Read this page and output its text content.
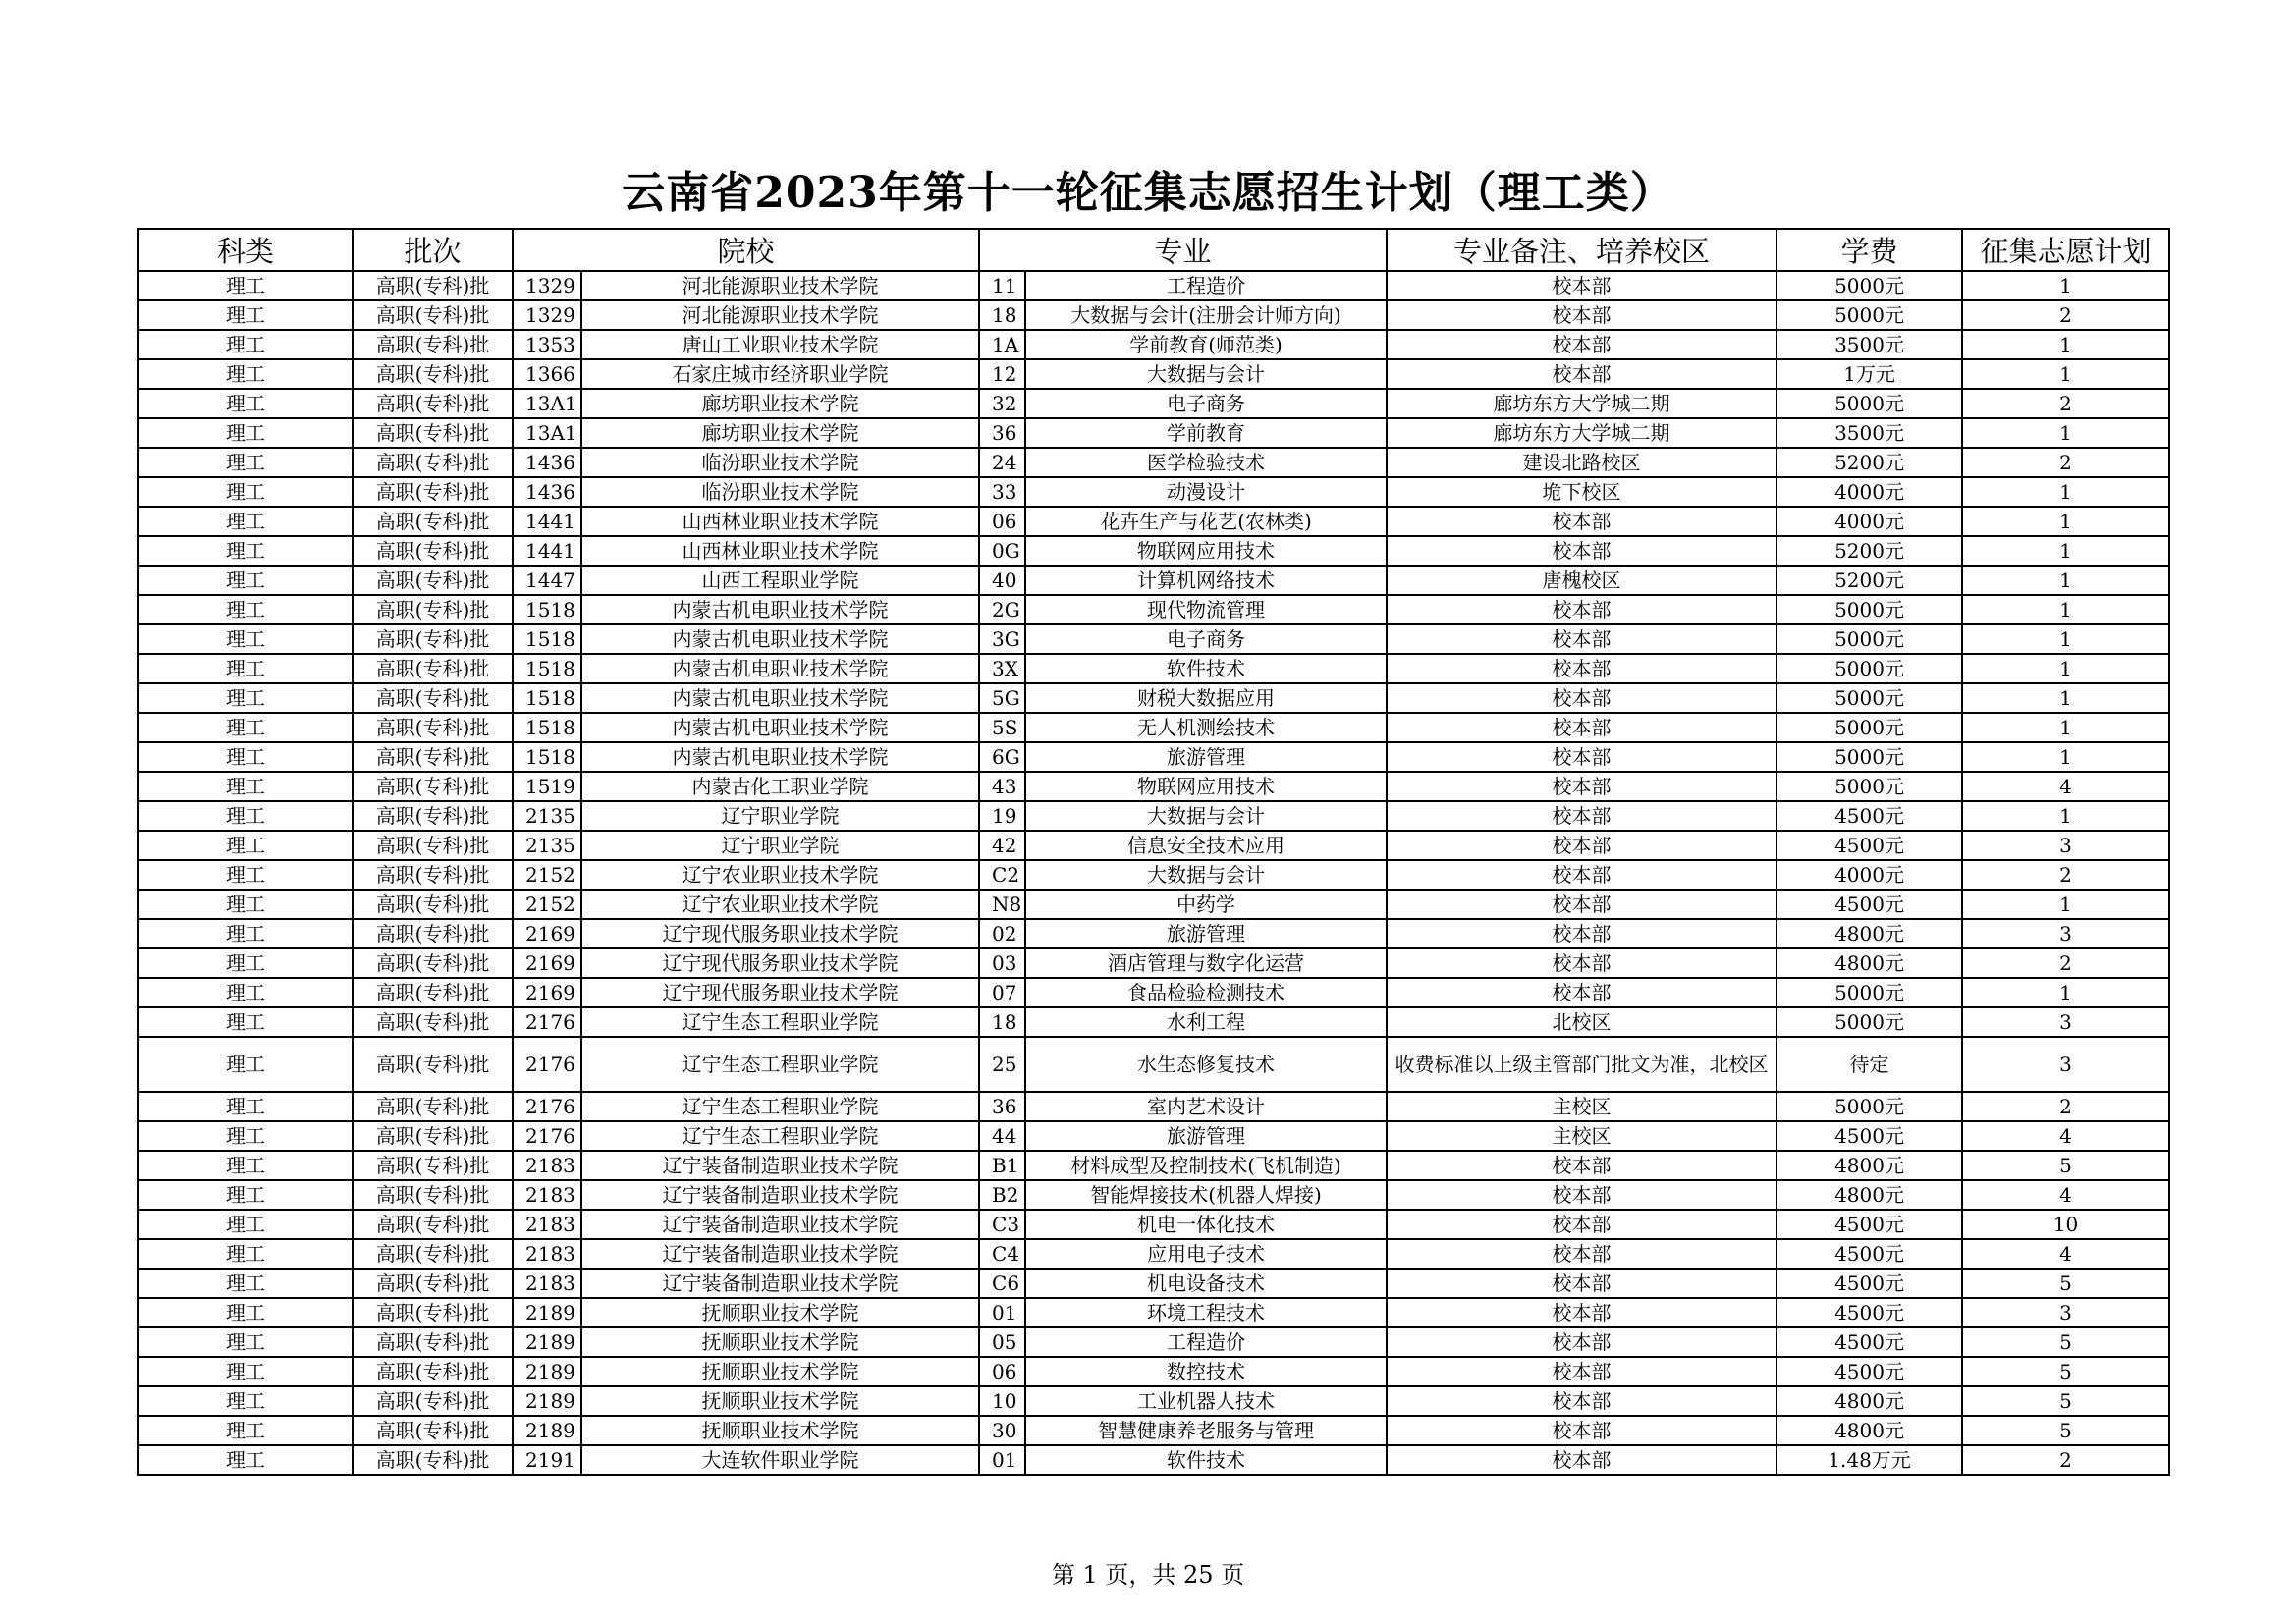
云南省2023年第十一轮征集志愿招生计划（理工类）
科类	批次	院校		专业		专业备注、培养校区	学费	征集志愿计划
理工	高职(专科)批	1329	河北能源职业技术学院	11	工程造价	校本部	5000元	1
理工	高职(专科)批	1329	河北能源职业技术学院	18	大数据与会计(注册会计师方向)	校本部	5000元	2
理工	高职(专科)批	1353	唐山工业职业技术学院	1A	学前教育(师范类)	校本部	3500元	1
理工	高职(专科)批	1366	石家庄城市经济职业学院	12	大数据与会计	校本部	1万元	1
理工	高职(专科)批	13A1	廊坊职业技术学院	32	电子商务	廊坊东方大学城二期	5000元	2
理工	高职(专科)批	13A1	廊坊职业技术学院	36	学前教育	廊坊东方大学城二期	3500元	1
理工	高职(专科)批	1436	临汾职业技术学院	24	医学检验技术	建设北路校区	5200元	2
理工	高职(专科)批	1436	临汾职业技术学院	33	动漫设计	垝下校区	4000元	1
理工	高职(专科)批	1441	山西林业职业技术学院	06	花卉生产与花艺(农林类)	校本部	4000元	1
理工	高职(专科)批	1441	山西林业职业技术学院	0G	物联网应用技术	校本部	5200元	1
理工	高职(专科)批	1447	山西工程职业学院	40	计算机网络技术	唐槐校区	5200元	1
理工	高职(专科)批	1518	内蒙古机电职业技术学院	2G	现代物流管理	校本部	5000元	1
理工	高职(专科)批	1518	内蒙古机电职业技术学院	3G	电子商务	校本部	5000元	1
理工	高职(专科)批	1518	内蒙古机电职业技术学院	3X	软件技术	校本部	5000元	1
理工	高职(专科)批	1518	内蒙古机电职业技术学院	5G	财税大数据应用	校本部	5000元	1
理工	高职(专科)批	1518	内蒙古机电职业技术学院	5S	无人机测绘技术	校本部	5000元	1
理工	高职(专科)批	1518	内蒙古机电职业技术学院	6G	旅游管理	校本部	5000元	1
理工	高职(专科)批	1519	内蒙古化工职业学院	43	物联网应用技术	校本部	5000元	4
理工	高职(专科)批	2135	辽宁职业学院	19	大数据与会计	校本部	4500元	1
理工	高职(专科)批	2135	辽宁职业学院	42	信息安全技术应用	校本部	4500元	3
理工	高职(专科)批	2152	辽宁农业职业技术学院	C2	大数据与会计	校本部	4000元	2
理工	高职(专科)批	2152	辽宁农业职业技术学院	N8	中药学	校本部	4500元	1
理工	高职(专科)批	2169	辽宁现代服务职业技术学院	02	旅游管理	校本部	4800元	3
理工	高职(专科)批	2169	辽宁现代服务职业技术学院	03	酒店管理与数字化运营	校本部	4800元	2
理工	高职(专科)批	2169	辽宁现代服务职业技术学院	07	食品检验检测技术	校本部	5000元	1
理工	高职(专科)批	2176	辽宁生态工程职业学院	18	水利工程	北校区	5000元	3
理工	高职(专科)批	2176	辽宁生态工程职业学院	25	水生态修复技术	收费标准以上级主管部门批文为准，北校区	待定	3
理工	高职(专科)批	2176	辽宁生态工程职业学院	36	室内艺术设计	主校区	5000元	2
理工	高职(专科)批	2176	辽宁生态工程职业学院	44	旅游管理	主校区	4500元	4
理工	高职(专科)批	2183	辽宁装备制造职业技术学院	B1	材料成型及控制技术(飞机制造)	校本部	4800元	5
理工	高职(专科)批	2183	辽宁装备制造职业技术学院	B2	智能焊接技术(机器人焊接)	校本部	4800元	4
理工	高职(专科)批	2183	辽宁装备制造职业技术学院	C3	机电一体化技术	校本部	4500元	10
理工	高职(专科)批	2183	辽宁装备制造职业技术学院	C4	应用电子技术	校本部	4500元	4
理工	高职(专科)批	2183	辽宁装备制造职业技术学院	C6	机电设备技术	校本部	4500元	5
理工	高职(专科)批	2189	抚顺职业技术学院	01	环境工程技术	校本部	4500元	3
理工	高职(专科)批	2189	抚顺职业技术学院	05	工程造价	校本部	4500元	5
理工	高职(专科)批	2189	抚顺职业技术学院	06	数控技术	校本部	4500元	5
理工	高职(专科)批	2189	抚顺职业技术学院	10	工业机器人技术	校本部	4800元	5
理工	高职(专科)批	2189	抚顺职业技术学院	30	智慧健康养老服务与管理	校本部	4800元	5
理工	高职(专科)批	2191	大连软件职业学院	01	软件技术	校本部	1.48万元	2
第 1 页，共 25 页
